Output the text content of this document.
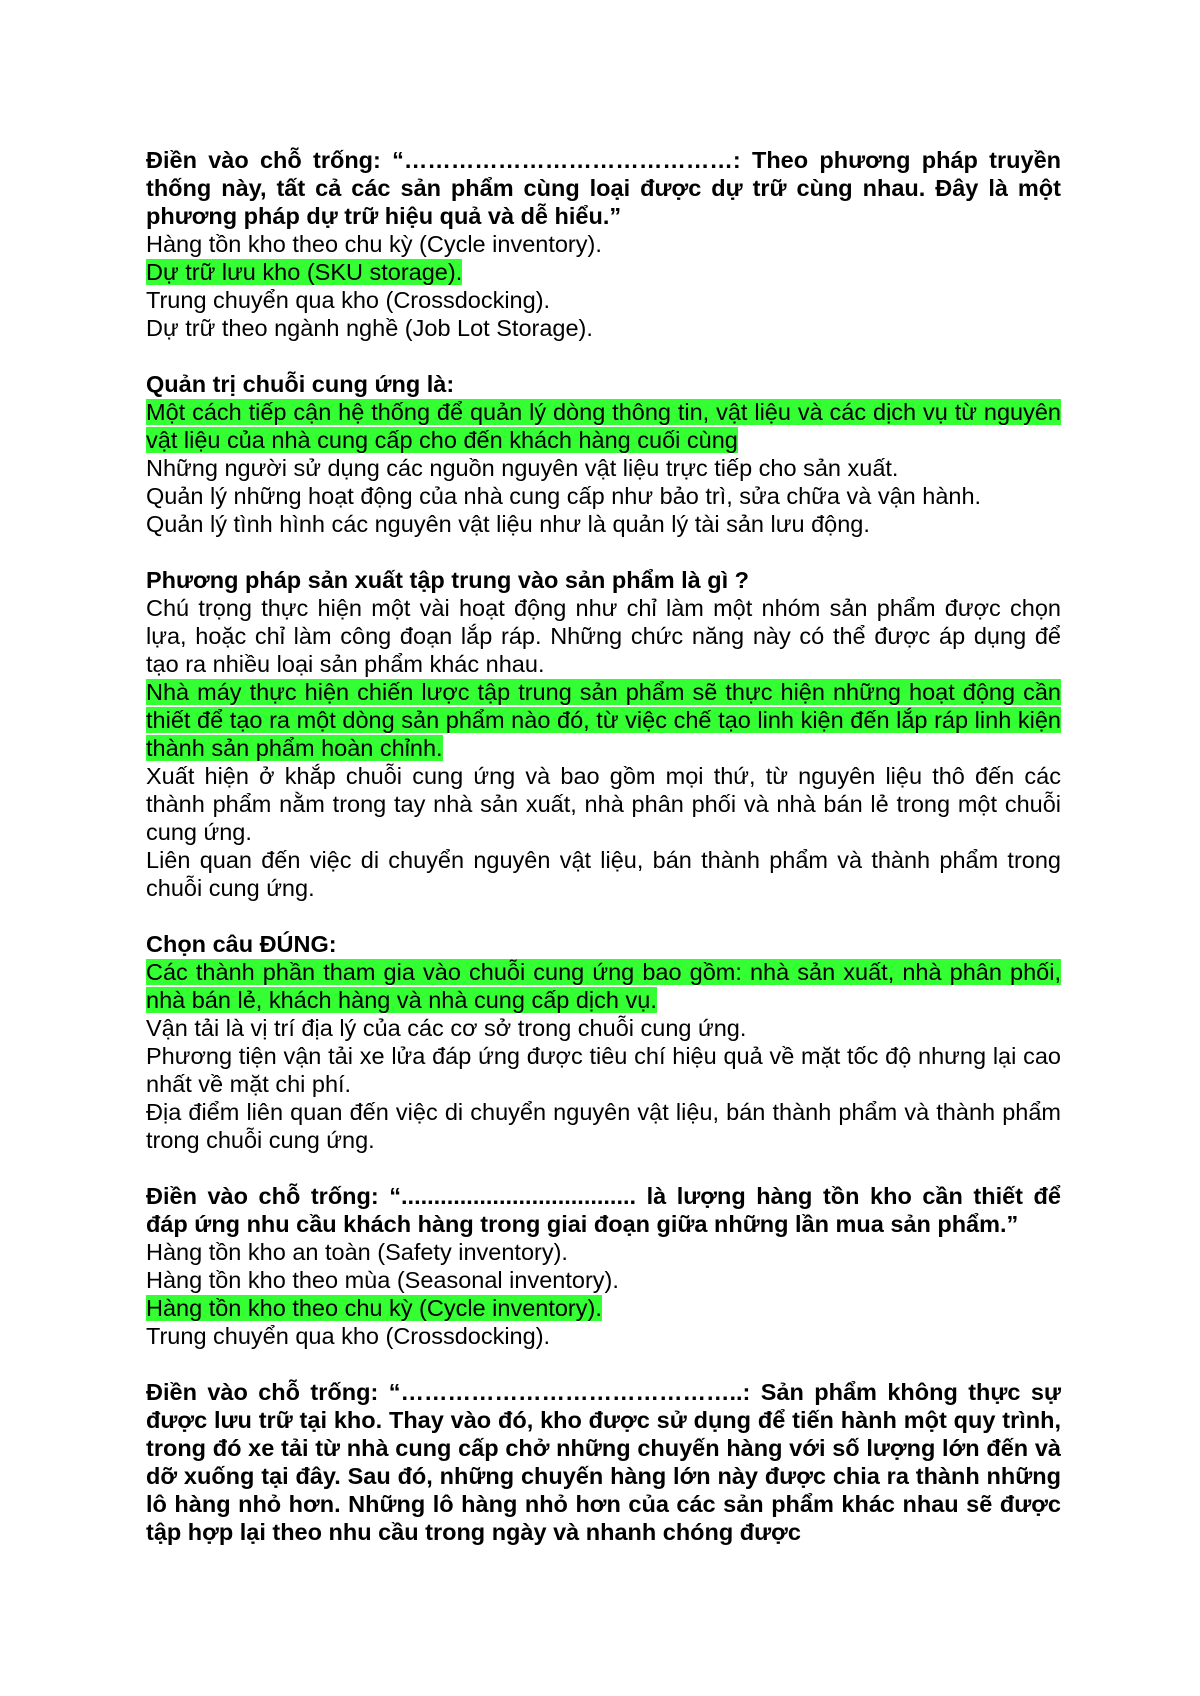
Điền vào chỗ trống: “……………………………………: Theo phương pháp truyền thống này, tất cả các sản phẩm cùng loại được dự trữ cùng nhau. Đây là một phương pháp dự trữ hiệu quả và dễ hiểu.”

Hàng tồn kho theo chu kỳ (Cycle inventory).

Dự trữ lưu kho (SKU storage).

Trung chuyển qua kho (Crossdocking).

Dự trữ theo ngành nghề (Job Lot Storage).

Quản trị chuỗi cung ứng là:

Một cách tiếp cận hệ thống để quản lý dòng thông tin, vật liệu và các dịch vụ từ nguyên vật liệu của nhà cung cấp cho đến khách hàng cuối cùng

Những người sử dụng các nguồn nguyên vật liệu trực tiếp cho sản xuất.

Quản lý những hoạt động của nhà cung cấp như bảo trì, sửa chữa và vận hành.

Quản lý tình hình các nguyên vật liệu như là quản lý tài sản lưu động.

Phương pháp sản xuất tập trung vào sản phẩm là gì ?

Chú trọng thực hiện một vài hoạt động như chỉ làm một nhóm sản phẩm được chọn lựa, hoặc chỉ làm công đoạn lắp ráp. Những chức năng này có thể được áp dụng để tạo ra nhiều loại sản phẩm khác nhau.

Nhà máy thực hiện chiến lược tập trung sản phẩm sẽ thực hiện những hoạt động cần thiết để tạo ra một dòng sản phẩm nào đó, từ việc chế tạo linh kiện đến lắp ráp linh kiện thành sản phẩm hoàn chỉnh.

Xuất hiện ở khắp chuỗi cung ứng và bao gồm mọi thứ, từ nguyên liệu thô đến các thành phẩm nằm trong tay nhà sản xuất, nhà phân phối và nhà bán lẻ trong một chuỗi cung ứng.

Liên quan đến việc di chuyển nguyên vật liệu, bán thành phẩm và thành phẩm trong chuỗi cung ứng.

Chọn câu ĐÚNG:

Các thành phần tham gia vào chuỗi cung ứng bao gồm: nhà sản xuất, nhà phân phối, nhà bán lẻ, khách hàng và nhà cung cấp dịch vụ.

Vận tải là vị trí địa lý của các cơ sở trong chuỗi cung ứng.

Phương tiện vận tải xe lửa đáp ứng được tiêu chí hiệu quả về mặt tốc độ nhưng lại cao nhất về mặt chi phí.

Địa điểm liên quan đến việc di chuyển nguyên vật liệu, bán thành phẩm và thành phẩm trong chuỗi cung ứng.

Điền vào chỗ trống: “.................................... là lượng hàng tồn kho cần thiết để đáp ứng nhu cầu khách hàng trong giai đoạn giữa những lần mua sản phẩm.”

Hàng tồn kho an toàn (Safety inventory).

Hàng tồn kho theo mùa (Seasonal inventory).

Hàng tồn kho theo chu kỳ (Cycle inventory).

Trung chuyển qua kho (Crossdocking).

Điền vào chỗ trống: “……………………………………..: Sản phẩm không thực sự được lưu trữ tại kho. Thay vào đó, kho được sử dụng để tiến hành một quy trình, trong đó xe tải từ nhà cung cấp chở những chuyến hàng với số lượng lớn đến và dỡ xuống tại đây. Sau đó, những chuyến hàng lớn này được chia ra thành những lô hàng nhỏ hơn. Những lô hàng nhỏ hơn của các sản phẩm khác nhau sẽ được tập hợp lại theo nhu cầu trong ngày và nhanh chóng được
